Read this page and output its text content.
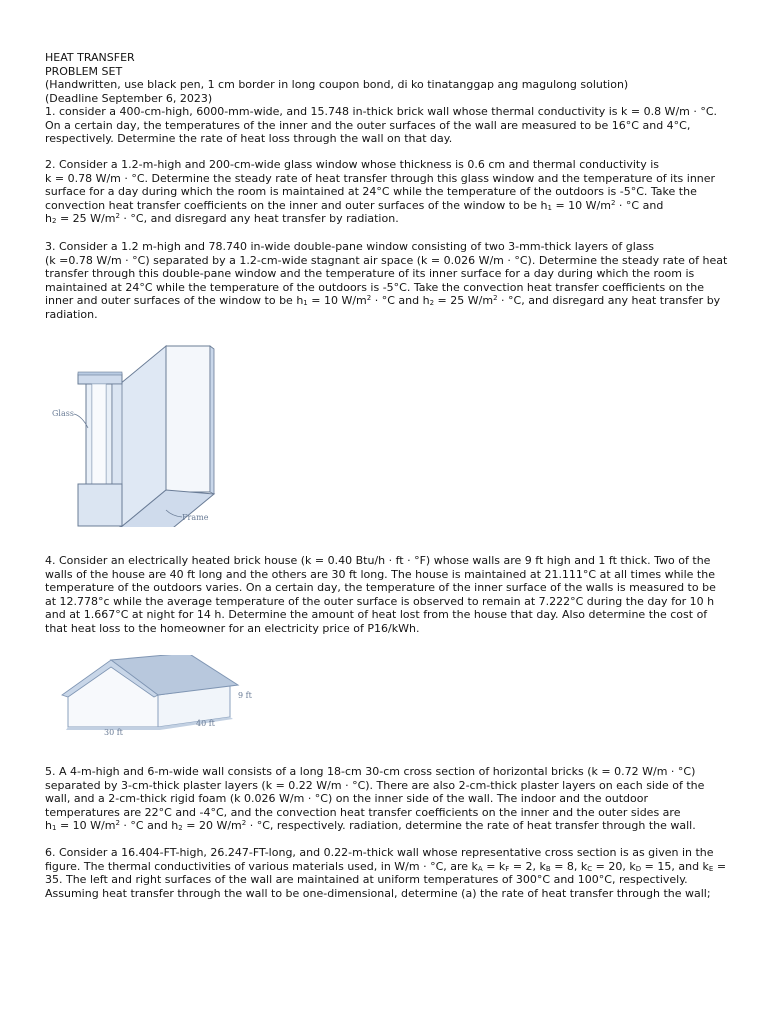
HEAT TRANSFER
PROBLEM SET
(Handwritten, use black pen, 1 cm border in long coupon bond, di ko tinatanggap ang magulong solution)
(Deadline September 6, 2023)
1. consider a 400-cm-high, 6000-mm-wide, and 15.748 in-thick brick wall whose thermal conductivity is k = 0.8 W/m · °C.
On a certain day, the temperatures of the inner and the outer surfaces of the wall are measured to be 16°C and 4°C,
respectively. Determine the rate of heat loss through the wall on that day.
2. Consider a 1.2-m-high and 200-cm-wide glass window whose thickness is 0.6 cm and thermal conductivity is
k = 0.78 W/m · °C. Determine the steady rate of heat transfer through this glass window and the temperature of its inner
surface for a day during which the room is maintained at 24°C while the temperature of the outdoors is -5°C. Take the
convection heat transfer coefficients on the inner and outer surfaces of the window to be $h_1 = 10$ $W/m^2 \cdot ^\circ C$ and
$h_2 = 25$ $W/m^2 \cdot ^\circ C$, and disregard any heat transfer by radiation.
3. Consider a 1.2 m-high and 78.740 in-wide double-pane window consisting of two 3-mm-thick layers of glass
(k =0.78 W/m · °C) separated by a 1.2-cm-wide stagnant air space (k = 0.026 W/m · °C). Determine the steady rate of heat
transfer through this double-pane window and the temperature of its inner surface for a day during which the room is
maintained at 24°C while the temperature of the outdoors is -5°C. Take the convection heat transfer coefficients on the
inner and outer surfaces of the window to be $h_1 = 10$ $W/m^2 \cdot ^\circ C$ and $h_2 = 25$ $W/m^2 \cdot ^\circ C$, and disregard any heat transfer by
radiation.
Glass
Frame
4. Consider an electrically heated brick house (k = 0.40 Btu/h · ft · °F) whose walls are 9 ft high and 1 ft thick. Two of the
walls of the house are 40 ft long and the others are 30 ft long. The house is maintained at 21.111°C at all times while the
temperature of the outdoors varies. On a certain day, the temperature of the inner surface of the walls is measured to be
at 12.778°c while the average temperature of the outer surface is observed to remain at 7.222°C during the day for 10 h
and at 1.667°C at night for 14 h. Determine the amount of heat lost from the house that day. Also determine the cost of
that heat loss to the homeowner for an electricity price of P16/kWh.
9 ft
40 ft
30 ft
5. A 4-m-high and 6-m-wide wall consists of a long 18-cm 30-cm cross section of horizontal bricks (k = 0.72 W/m · °C)
separated by 3-cm-thick plaster layers (k = 0.22 W/m · °C). There are also 2-cm-thick plaster layers on each side of the
wall, and a 2-cm-thick rigid foam (k 0.026 W/m · °C) on the inner side of the wall. The indoor and the outdoor
temperatures are 22°C and -4°C, and the convection heat transfer coefficients on the inner and the outer sides are
$h_1 = 10$ $W/m^2 \cdot ^\circ C$ and $h_2 = 20$ $W/m^2 \cdot ^\circ C$, respectively. radiation, determine the rate of heat transfer through the wall.
6. Consider a 16.404-FT-high, 26.247-FT-long, and 0.22-m-thick wall whose representative cross section is as given in the
figure. The thermal conductivities of various materials used, in W/m · °C, are $k_A = k_F = 2$, $k_B = 8$, $k_C = 20$, $k_D = 15$, and $k_E$ =
35. The left and right surfaces of the wall are maintained at uniform temperatures of 300°C and 100°C, respectively.
Assuming heat transfer through the wall to be one-dimensional, determine (a) the rate of heat transfer through the wall;
